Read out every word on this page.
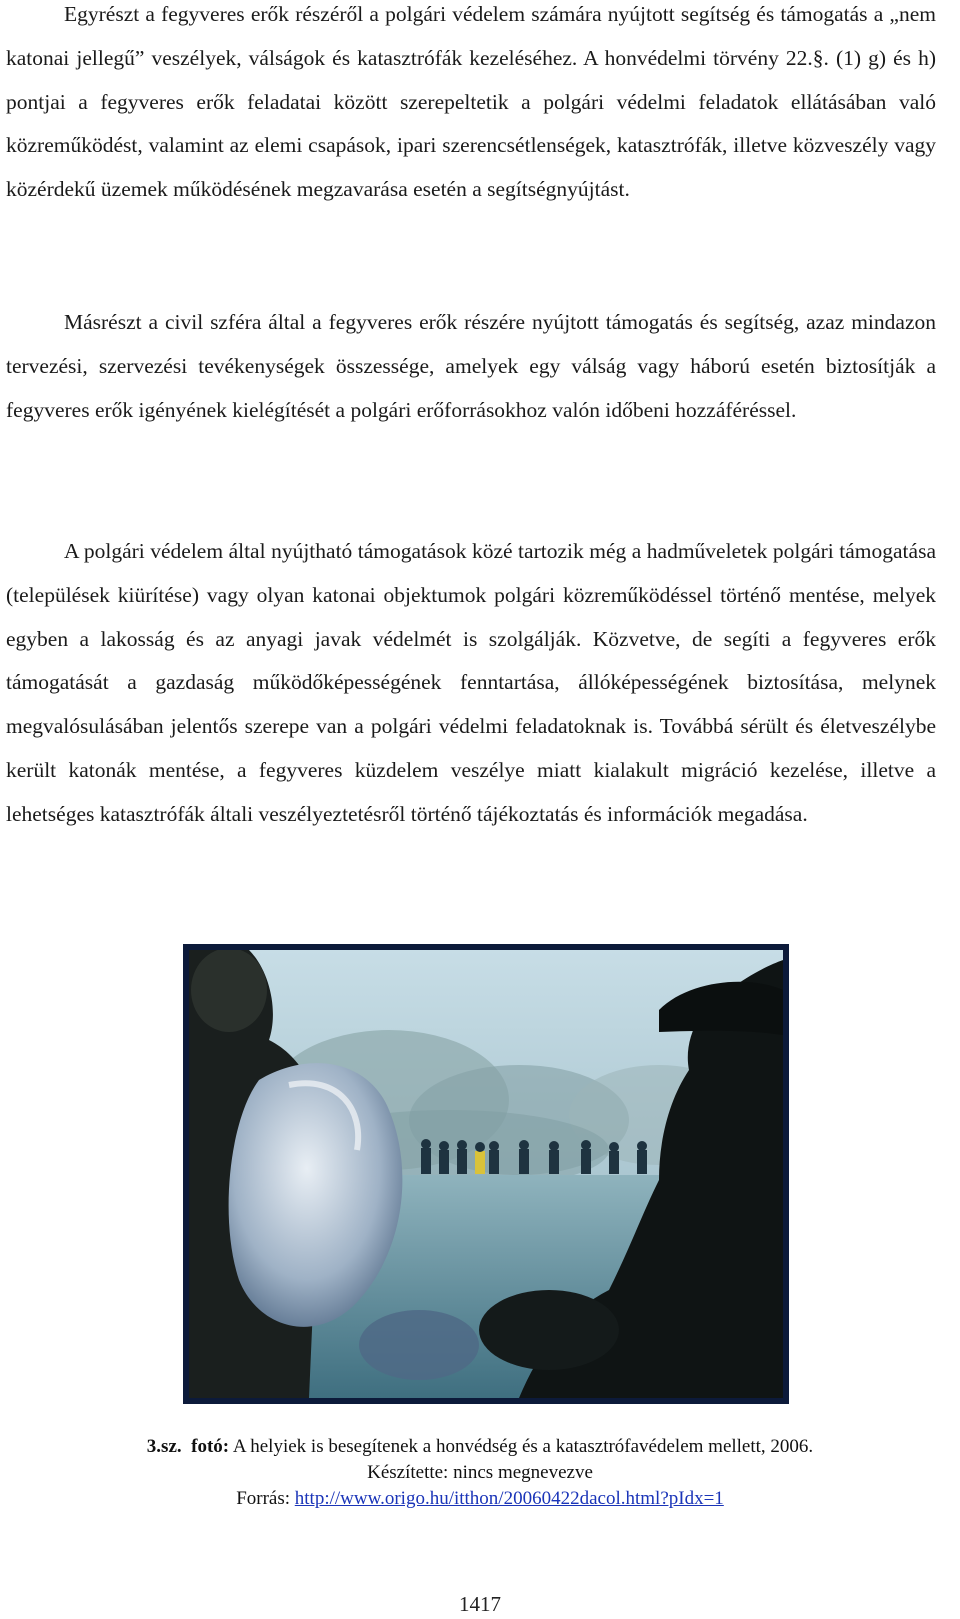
Egyrészt a fegyveres erők részéről a polgári védelem számára nyújtott segítség és támogatás a „nem katonai jellegű” veszélyek, válságok és katasztrófák kezeléséhez. A honvédelmi törvény 22.§. (1) g) és h) pontjai a fegyveres erők feladatai között szerepeltetik a polgári védelmi feladatok ellátásában való közreműködést, valamint az elemi csapások, ipari szerencsétlenségek, katasztrófák, illetve közveszély vagy közérdekű üzemek működésének megzavarása esetén a segítségnyújtást.

Másrészt a civil szféra által a fegyveres erők részére nyújtott támogatás és segítség, azaz mindazon tervezési, szervezési tevékenységek összessége, amelyek egy válság vagy háború esetén biztosítják a fegyveres erők igényének kielégítését a polgári erőforrásokhoz valón időbeni hozzáféréssel.

A polgári védelem által nyújtható támogatások közé tartozik még a hadműveletek polgári támogatása (települések kiürítése) vagy olyan katonai objektumok polgári közreműködéssel történő mentése, melyek egyben a lakosság és az anyagi javak védelmét is szolgálják. Közvetve, de segíti a fegyveres erők támogatását a gazdaság működőképességének fenntartása, állóképességének biztosítása, melynek megvalósulásában jelentős szerepe van a polgári védelmi feladatoknak is. Továbbá sérült és életveszélybe került katonák mentése, a fegyveres küzdelem veszélye miatt kialakult migráció kezelése, illetve a lehetséges katasztrófák általi veszélyeztetésről történő tájékoztatás és információk megadása.

3.sz. fotó: A helyiek is besegítenek a honvédség és a katasztrófavédelem mellett, 2006.
Készítette: nincs megnevezve
Forrás: http://www.origo.hu/itthon/20060422dacol.html?pIdx=1
1417
